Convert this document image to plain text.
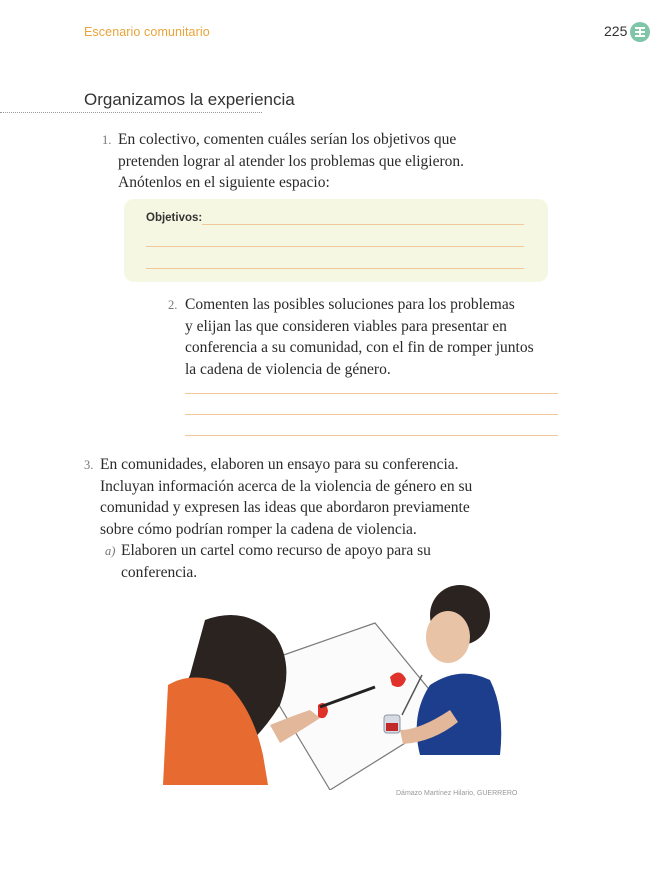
Escenario comunitario	225
Organizamos la experiencia
1. En colectivo, comenten cuáles serían los objetivos que
pretenden lograr al atender los problemas que eligieron.
Anótenlos en el siguiente espacio:
Objetivos:
2. Comenten las posibles soluciones para los problemas
y elijan las que consideren viables para presentar en
conferencia a su comunidad, con el fin de romper juntos
la cadena de violencia de género.
3. En comunidades, elaboren un ensayo para su conferencia.
Incluyan información acerca de la violencia de género en su
comunidad y expresen las ideas que abordaron previamente
sobre cómo podrían romper la cadena de violencia.
a) Elaboren un cartel como recurso de apoyo para su
conferencia.
Dámazo Martínez Hilario, GUERRERO
